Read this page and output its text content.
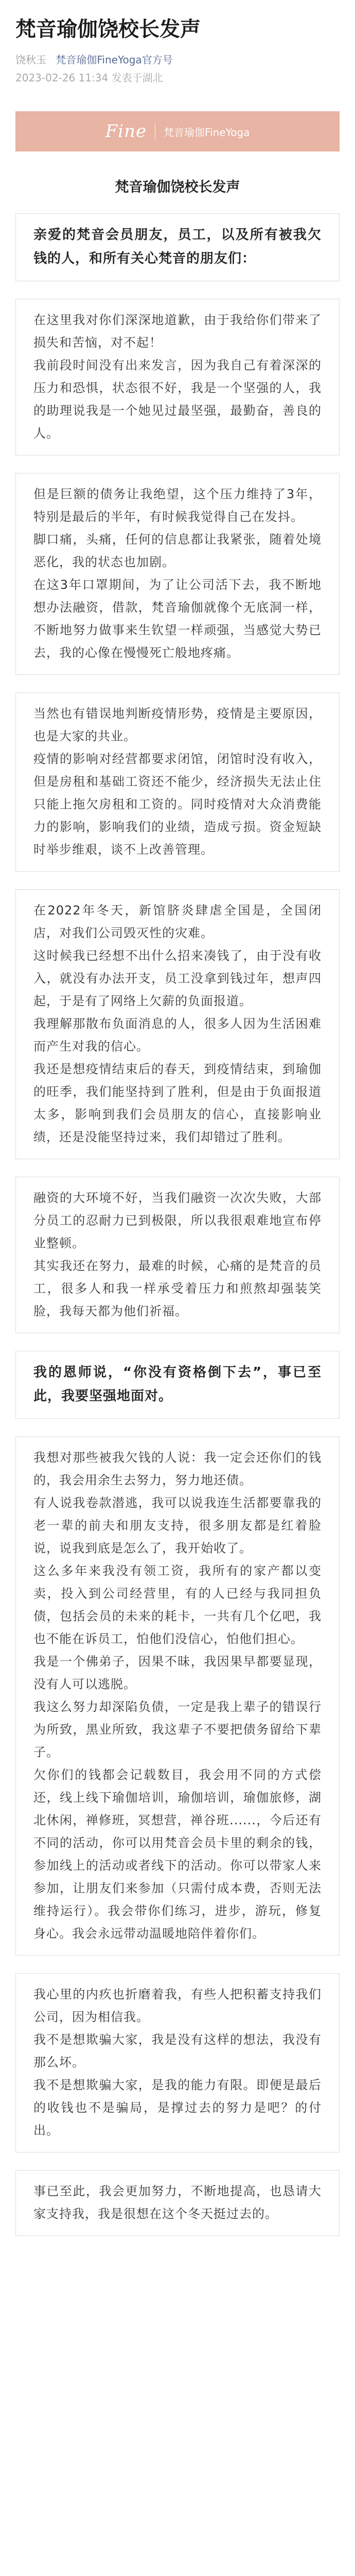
梵音瑜伽饶校长发声
饶秋玉 梵音瑜伽FineYoga官方号
2023-02-26 11:34 发表于湖北
Fine 梵音瑜伽FineYoga
梵音瑜伽饶校长发声
亲爱的梵音会员朋友，员工，以及所有被我欠钱的人，和所有关心梵音的朋友们：
在这里我对你们深深地道歉，由于我给你们带来了损失和苦恼，对不起！
我前段时间没有出来发言，因为我自己有着深深的压力和恐惧，状态很不好，我是一个坚强的人，我的助理说我是一个她见过最坚强，最勤奋，善良的人。
但是巨额的债务让我绝望，这个压力维持了3年，特别是最后的半年，有时候我觉得自己在发抖。
脚口痛，头痛，任何的信息都让我紧张，随着处境恶化，我的状态也加剧。
在这3年口罩期间，为了让公司活下去，我不断地想办法融资，借款，梵音瑜伽就像个无底洞一样，不断地努力做事来生钦望一样顽强，当感觉大势已去，我的心像在慢慢死亡般地疼痛。
当然也有错误地判断疫情形势，疫情是主要原因，也是大家的共业。
疫情的影响对经营都要求闭馆，闭馆时没有收入，但是房租和基础工资还不能少，经济损失无法止住只能上拖欠房租和工资的。同时疫情对大众消费能力的影响，影响我们的业绩，造成亏损。资金短缺时举步维艰，谈不上改善管理。
在2022年冬天，新馆脐炎肆虐全国是，全国闭店，对我们公司毁灭性的灾难。
这时候我已经想不出什么招来凑钱了，由于没有收入，就没有办法开支，员工没拿到钱过年，想声四起，于是有了网络上欠薪的负面报道。
我理解那散布负面消息的人，很多人因为生活困难而产生对我的信心。
我还是想疫情结束后的春天，到疫情结束，到瑜伽的旺季，我们能坚持到了胜利，但是由于负面报道太多，影响到我们会员朋友的信心，直接影响业绩，还是没能坚持过来，我们却错过了胜利。
融资的大环境不好，当我们融资一次次失败，大部分员工的忍耐力已到极限，所以我很艰难地宣布停业整顿。
其实我还在努力，最难的时候，心痛的是梵音的员工，很多人和我一样承受着压力和煎熬却强装笑脸，我每天都为他们祈福。
我的恩师说，“你没有资格倒下去”，事已至此，我要坚强地面对。
我想对那些被我欠钱的人说：我一定会还你们的钱的，我会用余生去努力，努力地还债。
有人说我卷款潜逃，我可以说我连生活都要靠我的老一辈的前夫和朋友支持，很多朋友都是红着脸说，说我到底是怎么了，我开始收了。
这么多年来我没有领工资，我所有的家产都以变卖，投入到公司经营里，有的人已经与我同担负债，包括会员的未来的耗卡，一共有几个亿吧，我也不能在诉员工，怕他们没信心，怕他们担心。
我是一个佛弟子，因果不昧，我因果早都要显现，没有人可以逃脱。
我这么努力却深陷负债，一定是我上辈子的错误行为所致，黑业所致，我这辈子不要把债务留给下辈子。
欠你们的钱都会记载数目，我会用不同的方式偿还，线上线下瑜伽培训，瑜伽培训，瑜伽旅修，湖北休闲，禅修班，冥想营，禅谷班......，今后还有不同的活动，你可以用梵音会员卡里的剩余的钱，参加线上的活动或者线下的活动。你可以带家人来参加，让朋友们来参加（只需付成本费，否则无法维持运行）。我会带你们练习，进步，游玩，修复身心。我会永远带动温暖地陪伴着你们。
我心里的内疚也折磨着我，有些人把积蓄支持我们公司，因为相信我。
我不是想欺骗大家，我是没有这样的想法，我没有那么坏。
我不是想欺骗大家，是我的能力有限。即便是最后的收钱也不是骗局，是撑过去的努力是吧？的付出。
事已至此，我会更加努力，不断地提高，也恳请大家支持我，我是很想在这个冬天挺过去的。
